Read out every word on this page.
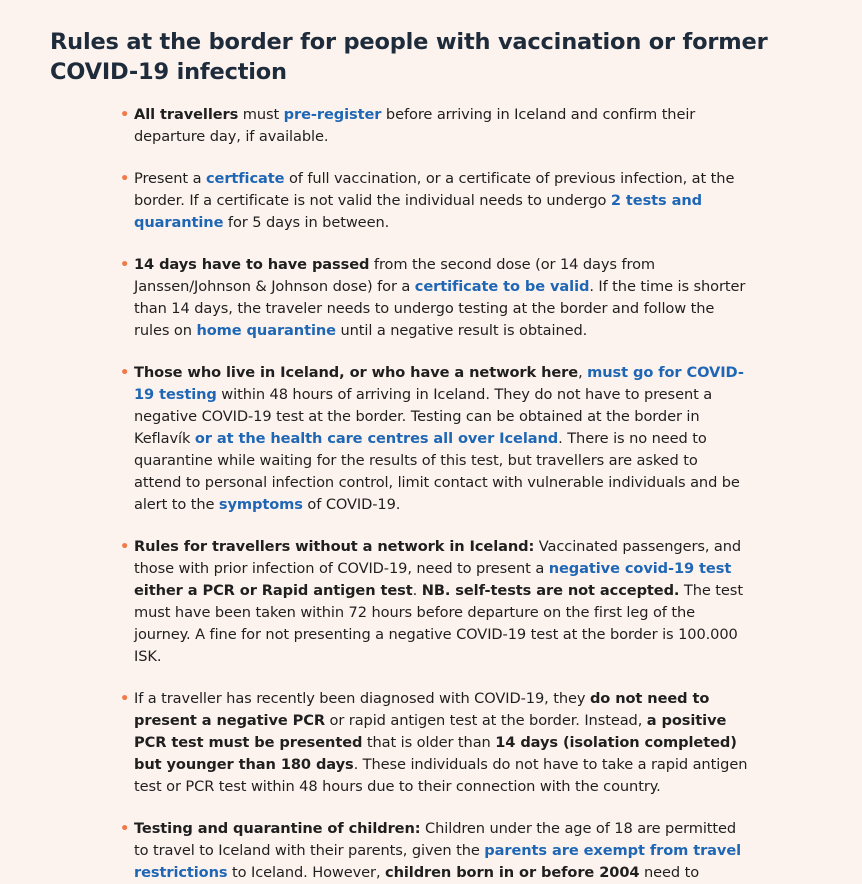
Rules at the border for people with vaccination or former COVID-19 infection
• All travellers must pre-register before arriving in Iceland and confirm their departure day, if available.
• Present a certficate of full vaccination, or a certificate of previous infection, at the border. If a certificate is not valid the individual needs to undergo 2 tests and quarantine for 5 days in between.
• 14 days have to have passed from the second dose (or 14 days from Janssen/Johnson & Johnson dose) for a certificate to be valid. If the time is shorter than 14 days, the traveler needs to undergo testing at the border and follow the rules on home quarantine until a negative result is obtained.
• Those who live in Iceland, or who have a network here, must go for COVID-19 testing within 48 hours of arriving in Iceland. They do not have to present a negative COVID-19 test at the border. Testing can be obtained at the border in Keflavík or at the health care centres all over Iceland. There is no need to quarantine while waiting for the results of this test, but travellers are asked to attend to personal infection control, limit contact with vulnerable individuals and be alert to the symptoms of COVID-19.
• Rules for travellers without a network in Iceland: Vaccinated passengers, and those with prior infection of COVID-19, need to present a negative covid-19 test either a PCR or Rapid antigen test. NB. self-tests are not accepted. The test must have been taken within 72 hours before departure on the first leg of the journey. A fine for not presenting a negative COVID-19 test at the border is 100.000 ISK.
• If a traveller has recently been diagnosed with COVID-19, they do not need to present a negative PCR or rapid antigen test at the border. Instead, a positive PCR test must be presented that is older than 14 days (isolation completed) but younger than 180 days. These individuals do not have to take a rapid antigen test or PCR test within 48 hours due to their connection with the country.
• Testing and quarantine of children: Children under the age of 18 are permitted to travel to Iceland with their parents, given the parents are exempt from travel restrictions to Iceland. However, children born in or before 2004 need to
